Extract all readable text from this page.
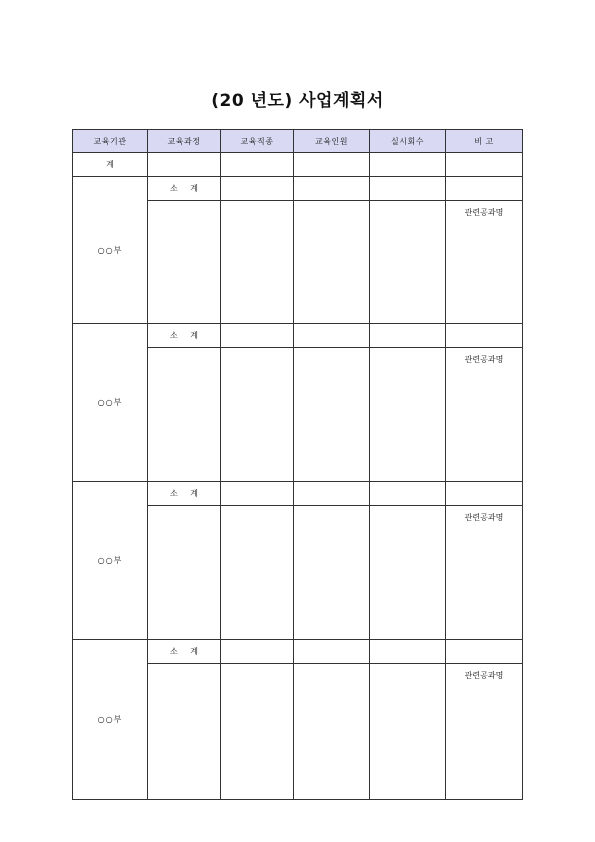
(20 년도) 사업계획서
교육기관	교육과정	교육직종	교육인원	실시회수	비 고
계					
○○부	소 계				
					관련공과명
○○부	소 계				
					관련공과명
○○부	소 계				
					관련공과명
○○부	소 계				
					관련공과명
